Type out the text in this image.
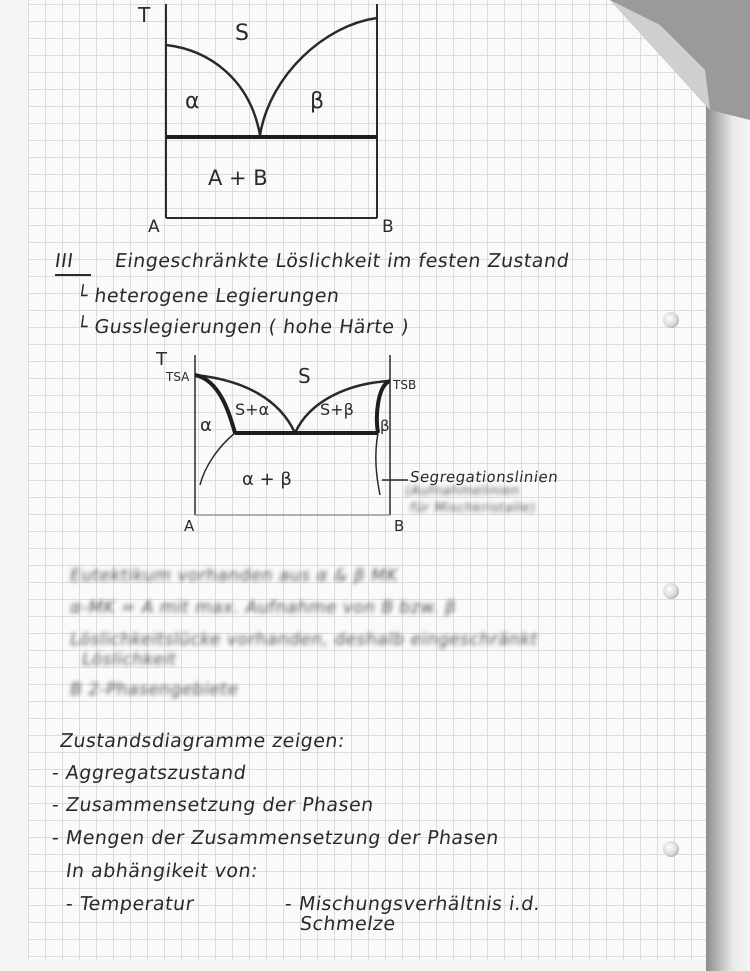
T
S
α	β
A + B
A	B
III Eingeschränkte Löslichkeit im festen Zustand
└ heterogene Legierungen
└ Gusslegierungen ( hohe Härte )
T
TSA
TSB
S
S+α	S+β
α	β
α + β
A	B
Segregationslinien
(Aufnahmelinien
für Mischkristalle)
Eutektikum vorhanden aus α & β MK
α-MK = A mit max. Aufnahme von B bzw. β
Löslichkeitslücke vorhanden, deshalb eingeschränkt
Löslichkeit
B 2-Phasengebiete
Zustandsdiagramme zeigen:
- Aggregatszustand
- Zusammensetzung der Phasen
- Mengen der Zusammensetzung der Phasen
In abhängikeit von:
- Temperatur	- Mischungsverhältnis i.d.
Schmelze
